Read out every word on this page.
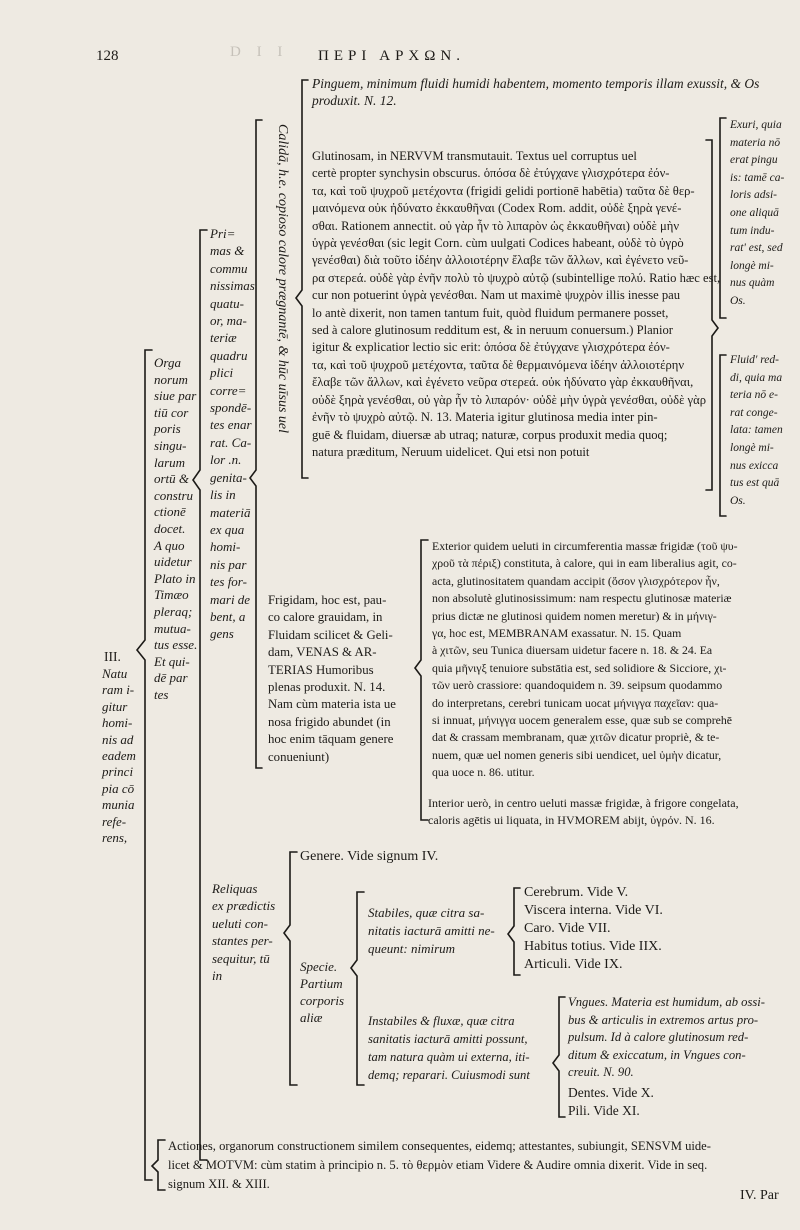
D I I
128	ΠΕΡΙ ΑΡΧΩΝ.
III.
Natu
ram i-
gitur
homi-
nis ad
eadem
princi
pia cō
munia
refe-
rens,
Orga
norum
siue par
tiū cor
poris
singu-
larum
ortū &
constru
ctionē
docet.
A quo
uidetur
Plato in
Timæo
pleraq;
mutua-
tus esse.
Et qui-
dē par
tes
Pri=
mas &
commu
nissimas
quatu-
or, ma-
teriæ
quadru
plici
corre=
spondē-
tes enar
rat. Ca-
lor .n.
genita-
lis in
materiā
ex qua
homi-
nis par
tes for-
mari de
bent, a
gens
Calidā, h.e. copioso calore prægnantē, & hūc uīsus uel
Pinguem, minimum fluidi humidi habentem, momento temporis illam exussit, & Os
produxit. N. 12.
Glutinosam, in NERVVM transmutauit. Textus uel corruptus uel
certè propter synchysin obscurus. ὁπόσα δὲ ἐτύγχανε γλισχρότερα ἐόν-
τα, καὶ τοῦ ψυχροῦ μετέχοντα (frigidi gelidi portionē habētia) ταῦτα δὲ θερ-
μαινόμενα οὐκ ἠδύνατο ἐκκαυθῆναι (Codex Rom. addit, οὐδὲ ξηρὰ γενέ-
σθαι. Rationem annectit. οὐ γὰρ ἦν τὸ λιπαρὸν ὡς ἐκκαυθῆναι) οὐδὲ μὴν
ὑγρὰ γενέσθαι (sic legit Corn. cùm uulgati Codices habeant, οὐδὲ τὸ ὑγρὸ
γενέσθαι) διὰ τοῦτο ἰδέην ἀλλοιοτέρην ἔλαβε τῶν ἄλλων, καὶ ἐγένετο νεῦ-
ρα στερεά. οὐδὲ γὰρ ἐνῆν πολὺ τὸ ψυχρὸ αὐτῷ (subintellige πολύ. Ratio hæc est,
cur non potuerint ὑγρὰ γενέσθαι. Nam ut maximè ψυχρὸν illis inesse pau
lo antè dixerit, non tamen tantum fuit, quòd fluidum permanere posset,
sed à calore glutinosum redditum est, & in neruum conuersum.) Planior
igitur & explicatior lectio sic erit: ὁπόσα δὲ ἐτύγχανε γλισχρότερα ἐόν-
τα, καὶ τοῦ ψυχροῦ μετέχοντα, ταῦτα δὲ θερμαινόμενα ἰδέην ἀλλοιοτέρην
ἔλαβε τῶν ἄλλων, καὶ ἐγένετο νεῦρα στερεά. οὐκ ἠδύνατο γὰρ ἐκκαυθῆναι,
οὐδὲ ξηρὰ γενέσθαι, οὐ γὰρ ἦν τὸ λιπαρόν· οὐδὲ μὴν ὑγρὰ γενέσθαι, οὐδὲ γὰρ
ἐνῆν τὸ ψυχρὸ αὐτῷ. N. 13. Materia igitur glutinosa media inter pin-
guē & fluidam, diuersæ ab utraq; naturæ, corpus produxit media quoq;
natura præditum, Neruum uidelicet. Qui etsi non potuit
Exuri, quia
materia nō
erat pingu
is: tamē ca-
loris adsi-
one aliquā
tum indu-
rat' est, sed
longè mi-
nus quàm
Os.
Fluid' red-
di, quia ma
teria nō e-
rat conge-
lata: tamen
longè mi-
nus exicca
tus est quā
Os.
Frigidam, hoc est, pau-
co calore grauidam, in
Fluidam scilicet & Geli-
dam, VENAS & AR-
TERIAS Humoribus
plenas produxit. N. 14.
Nam cùm materia ista ue
nosa frigido abundet (in
hoc enim tāquam genere
conueniunt)
Exterior quidem ueluti in circumferentia massæ frigidæ (τοῦ ψυ-
χροῦ τὰ πέριξ) constituta, à calore, qui in eam liberalius agit, co-
acta, glutinositatem quandam accipit (ὅσον γλισχρότερον ἦν,
non absolutè glutinosissimum: nam respectu glutinosæ materiæ
prius dictæ ne glutinosi quidem nomen meretur) & in μήνιγ-
γα, hoc est, MEMBRANAM exassatur. N. 15. Quam
à χιτῶν, seu Tunica diuersam uidetur facere n. 18. & 24. Ea
quia μῆνιγξ tenuiore substātia est, sed solidiore & Sicciore, χι-
τῶν uerò crassiore: quandoquidem n. 39. seipsum quodammo
do interpretans, cerebri tunicam uocat μήνιγγα παχεῖαν: qua-
si innuat, μήνιγγα uocem generalem esse, quæ sub se comprehē
dat & crassam membranam, quæ χιτῶν dicatur propriè, & te-
nuem, quæ uel nomen generis sibi uendicet, uel ὑμὴν dicatur,
qua uoce n. 86. utitur.
Interior uerò, in centro ueluti massæ frigidæ, à frigore congelata,
caloris agētis ui liquata, in HVMOREM abijt, ὑγρόν. N. 16.
Reliquas
ex prædictis
ueluti con-
stantes per-
sequitur, tū
in
Genere. Vide signum IV.
Specie.
Partium
corporis
aliæ
Stabiles, quæ citra sa-
nitatis iacturā amitti ne-
queunt: nimirum
Cerebrum. Vide V.
Viscera interna. Vide VI.
Caro. Vide VII.
Habitus totius. Vide IIX.
Articuli. Vide IX.
Instabiles & fluxæ, quæ citra
sanitatis iacturā amitti possunt,
tam natura quàm ui externa, iti-
demq; reparari. Cuiusmodi sunt
Vngues. Materia est humidum, ab ossi-
bus & articulis in extremos artus pro-
pulsum. Id à calore glutinosum red-
ditum & exiccatum, in Vngues con-
creuit. N. 90.
Dentes. Vide X.
Pili. Vide XI.
Actiones, organorum constructionem similem consequentes, eidemq; attestantes, subiungit, SENSVM uide-
licet & MOTVM: cùm statim à principio n. 5. τὸ θερμὸν etiam Videre & Audire omnia dixerit. Vide in seq.
signum XII. & XIII.
IV. Par
